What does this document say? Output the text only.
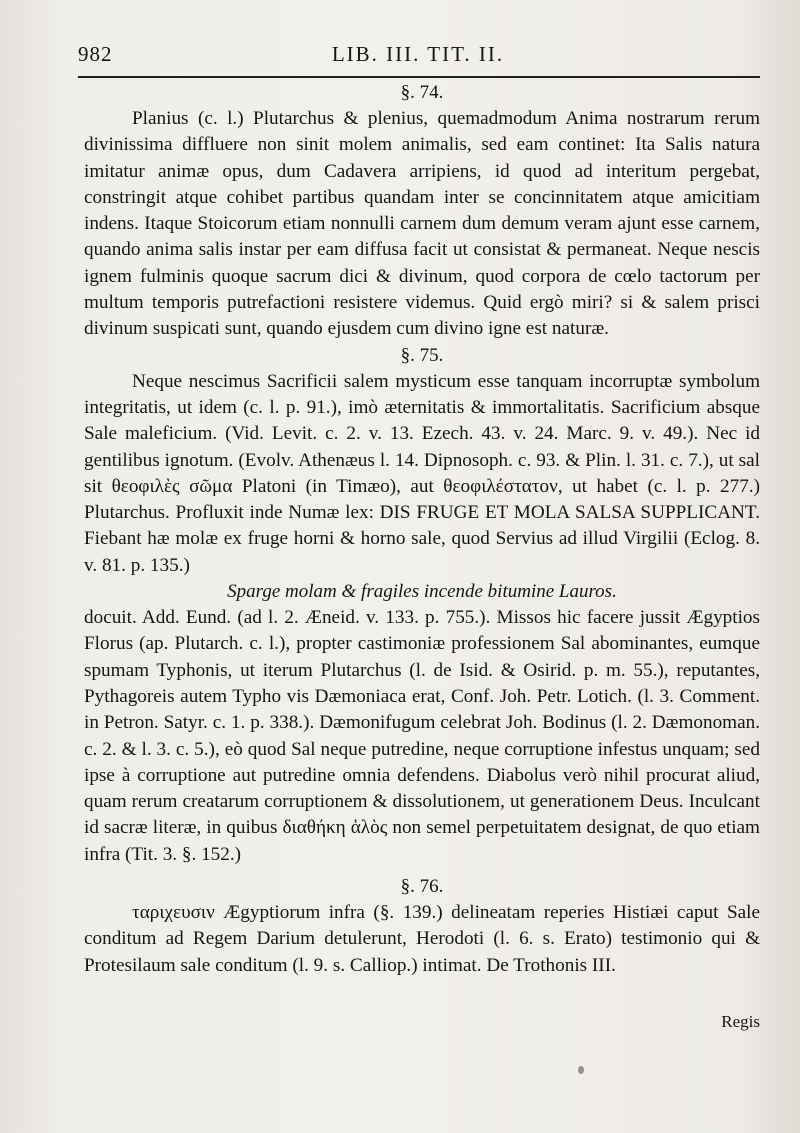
982	LIB. III. TIT. II.

§. 74.

Planius (c. l.) Plutarchus & plenius, quemadmodum Anima nostrarum rerum divinissima diffluere non sinit molem animalis, sed eam continet: Ita Salis natura imitatur animæ opus, dum Cadavera arripiens, id quod ad interitum pergebat, constringit atque cohibet partibus quandam inter se concinnitatem atque amicitiam indens. Itaque Stoicorum etiam nonnulli carnem dum demum veram ajunt esse carnem, quando anima salis instar per eam diffusa facit ut consistat & permaneat. Neque nescis ignem fulminis quoque sacrum dici & divinum, quod corpora de cœlo tactorum per multum temporis putrefactioni resistere videmus. Quid ergò miri? si & salem prisci divinum suspicati sunt, quando ejusdem cum divino igne est naturæ.

§. 75.

Neque nescimus Sacrificii salem mysticum esse tanquam incorruptæ symbolum integritatis, ut idem (c. l. p. 91.), imò æternitatis & immortalitatis. Sacrificium absque Sale maleficium. (Vid. Levit. c. 2. v. 13. Ezech. 43. v. 24. Marc. 9. v. 49.). Nec id gentilibus ignotum. (Evolv. Athenæus l. 14. Dipnosoph. c. 93. & Plin. l. 31. c. 7.), ut sal sit θεοφιλὲς σῶμα Platoni (in Timæo), aut θεοφιλέστατον, ut habet (c. l. p. 277.) Plutarchus. Profluxit inde Numæ lex: DIS FRUGE ET MOLA SALSA SUPPLICANT. Fiebant hæ molæ ex fruge horni & horno sale, quod Servius ad illud Virgilii (Eclog. 8. v. 81. p. 135.)

Sparge molam & fragiles incende bitumine Lauros.

docuit. Add. Eund. (ad l. 2. Æneid. v. 133. p. 755.). Missos hic facere jussit Ægyptios Florus (ap. Plutarch. c. l.), propter castimoniæ professionem Sal abominantes, eumque spumam Typhonis, ut iterum Plutarchus (l. de Isid. & Osirid. p. m. 55.), reputantes, Pythagoreis autem Typho vis Dæmoniaca erat, Conf. Joh. Petr. Lotich. (l. 3. Comment. in Petron. Satyr. c. 1. p. 338.). Dæmonifugum celebrat Joh. Bodinus (l. 2. Dæmonoman. c. 2. & l. 3. c. 5.), eò quod Sal neque putredine, neque corruptione infestus unquam; sed ipse à corruptione aut putredine omnia defendens. Diabolus verò nihil procurat aliud, quam rerum creatarum corruptionem & dissolutionem, ut generationem Deus. Inculcant id sacræ literæ, in quibus διαθήκη ἁλὸς non semel perpetuitatem designat, de quo etiam infra (Tit. 3. §. 152.)

§. 76.

ταριχευσιν Ægyptiorum infra (§. 139.) delineatam reperies Histiæi caput Sale conditum ad Regem Darium detulerunt, Herodoti (l. 6. s. Erato) testimonio qui & Protesilaum sale conditum (l. 9. s. Calliop.) intimat. De Trothonis III.

Regis
